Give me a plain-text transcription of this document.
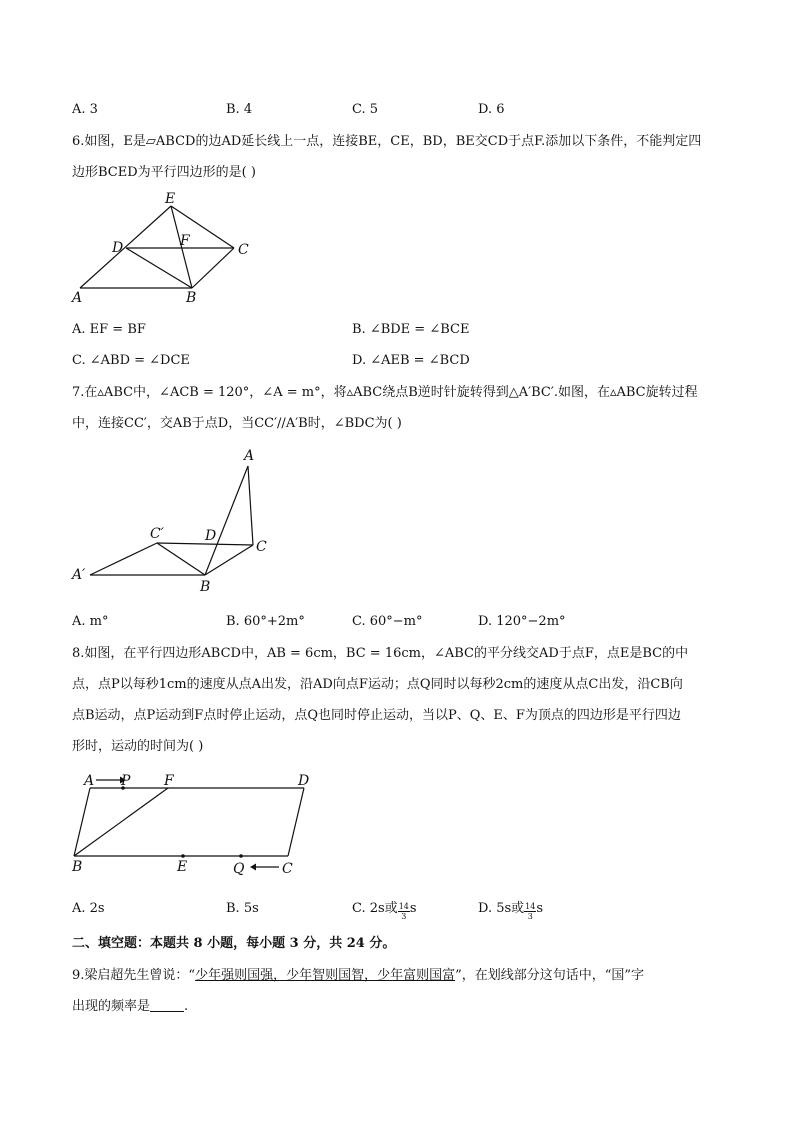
A. 3	B. 4	C. 5	D. 6
6.如图，E是▱ABCD的边AD延长线上一点，连接BE，CE，BD，BE交CD于点F.添加以下条件，不能判定四
边形BCED为平行四边形的是( )
E
D	F
C
A	B
A. EF = BF	B. ∠BDE = ∠BCE
C. ∠ABD = ∠DCE	D. ∠AEB = ∠BCD
7.在▵ABC中，∠ACB = 120°，∠A = m°，将▵ABC绕点B逆时针旋转得到△A′BC′.如图，在▵ABC旋转过程
中，连接CC′，交AB于点D，当CC′//A′B时，∠BDC为( )
A
C′	D
C
A′
B
A. m°	B. 60°+2m°	C. 60°−m°	D. 120°−2m°
8.如图，在平行四边形ABCD中，AB = 6cm，BC = 16cm，∠ABC的平分线交AD于点F，点E是BC的中
点，点P以每秒1cm的速度从点A出发，沿AD向点F运动；点Q同时以每秒2cm的速度从点C出发，沿CB向
点B运动，点P运动到F点时停止运动，点Q也同时停止运动，当以P、Q、E、F为顶点的四边形是平行四边
形时，运动的时间为( )
A P F	D
B	E	Q	C
A. 2s	B. 5s	C. 2s或 $\frac{14}{3}$ s	D. 5s或 $\frac{14}{3}$ s
二、填空题：本题共 8 小题，每小题 3 分，共 24 分。
9.梁启超先生曾说：“少年强则国强，少年智则国智，少年富则国富”，在划线部分这句话中，“国”字
出现的频率是	.
